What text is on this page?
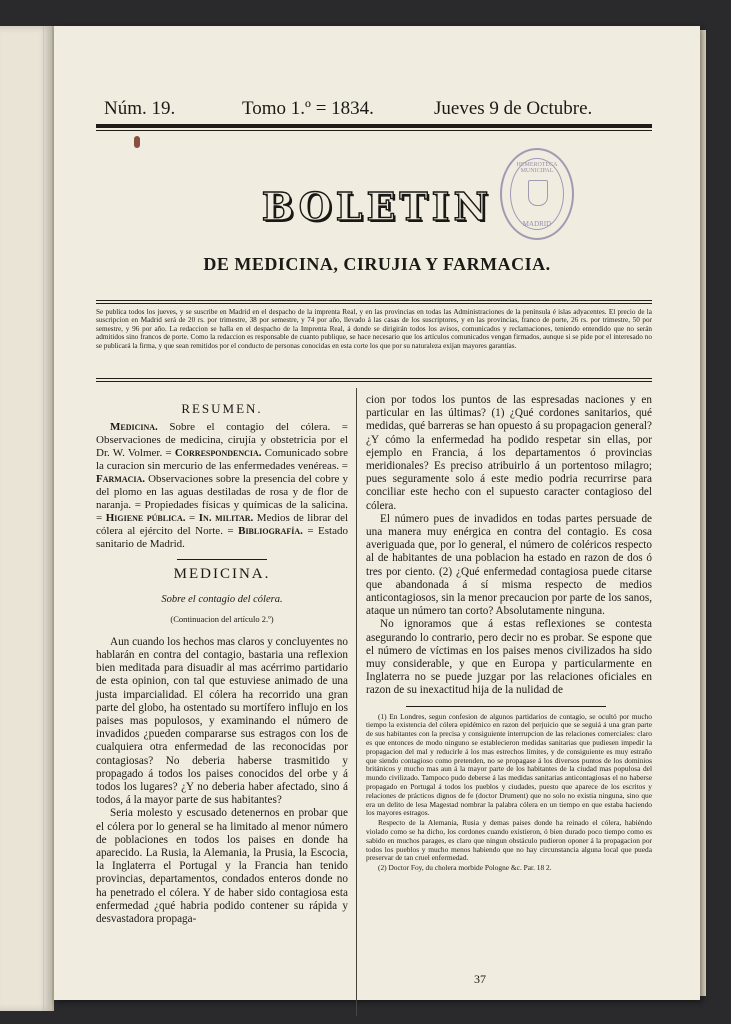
Núm. 19.	Tomo 1.º = 1834.	Jueves 9 de Octubre.
HEMEROTECA MUNICIPAL
MADRID
BOLETIN
DE MEDICINA, CIRUJIA Y FARMACIA.
Se publica todos los jueves, y se suscribe en Madrid en el despacho de la imprenta Real, y en las provincias en todas las Administraciones de la península é islas adyacentes. El precio de la suscripcion en Madrid será de 20 rs. por trimestre, 38 por semestre, y 74 por año, llevado á las casas de los suscriptores, y en las provincias, franco de porte, 26 rs. por trimestre, 50 por semestre, y 96 por año. La redaccion se halla en el despacho de la Imprenta Real, á donde se dirigirán todos los avisos, comunicados y reclamaciones, teniendo entendido que no serán admitidos sino francos de porte. Como la redaccion es responsable de cuanto publique, se hace necesario que los artículos comunicados vengan firmados, aunque si se pide por el interesado no se publicará la firma, y que sean remitidos por el conducto de personas conocidas en esta corte los que por su naturaleza exijan mayores garantías.
RESUMEN.

Medicina. Sobre el contagio del cólera. = Observaciones de medicina, cirujía y obstetricia por el Dr. W. Volmer. = Correspondencia. Comunicado sobre la curacion sin mercurio de las enfermedades venéreas. = Farmacia. Observaciones sobre la presencia del cobre y del plomo en las aguas destiladas de rosa y de flor de naranja. = Propiedades físicas y químicas de la salicina. = Higiene pública. = In. militar. Medios de librar del cólera al ejército del Norte. = Bibliografía. = Estado sanitario de Madrid.

MEDICINA.
Sobre el contagio del cólera.
(Continuacion del artículo 2.º)

Aun cuando los hechos mas claros y concluyentes no hablarán en contra del contagio, bastaria una reflexion bien meditada para disuadir al mas acérrimo partidario de esta opinion, con tal que estuviese animado de una justa imparcialidad. El cólera ha recorrido una gran parte del globo, ha ostentado su mortífero influjo en los paises mas populosos, y examinando el número de invadidos ¿pueden compararse sus estragos con los de cualquiera otra enfermedad de las reconocidas por contagiosas? No deberia haberse trasmitido y propagado á todos los paises conocidos del orbe y á todos los lugares? ¿Y no deberia haber afectado, sino á todos, á la mayor parte de sus habitantes?

Seria molesto y escusado detenernos en probar que el cólera por lo general se ha limitado al menor número de poblaciones en todos los paises en donde ha aparecido. La Rusia, la Alemania, la Prusia, la Escocia, la Inglaterra el Portugal y la Francia han tenido provincias, departamentos, condados enteros donde no ha penetrado el cólera. Y de haber sido contagiosa esta enfermedad ¿qué habria podido contener su rápida y desvastadora propaga-

cion por todos los puntos de las espresadas naciones y en particular en las últimas? (1) ¿Qué cordones sanitarios, qué medidas, qué barreras se han opuesto á su propagacion general? ¿Y cómo la enfermedad ha podido respetar sin ellas, por ejemplo en Francia, á los departamentos ó provincias meridionales? Es preciso atribuirlo á un portentoso milagro; pues seguramente solo á este medio podria recurrirse para conciliar este hecho con el supuesto caracter contagioso del cólera.

El número pues de invadidos en todas partes persuade de una manera muy enérgica en contra del contagio. Es cosa averiguada que, por lo general, el número de coléricos respecto al de habitantes de una poblacion ha estado en razon de dos ó tres por ciento. (2) ¿Qué enfermedad contagiosa puede citarse que abandonada á sí misma respecto de medios anticontagiosos, sin la menor precaucion por parte de los sanos, ataque un número tan corto? Absolutamente ninguna.

No ignoramos que á estas reflexiones se contesta asegurando lo contrario, pero decir no es probar. Se espone que el número de víctimas en los paises menos civilizados ha sido muy considerable, y que en Europa y particularmente en Inglaterra no se puede juzgar por las relaciones oficiales en razon de su inexactitud hija de la nulidad de

(1) En Londres, segun confesion de algunos partidarios de contagio, se ocultó por mucho tiempo la existencia del cólera epidémico en razon del perjuicio que se seguiá á una gran parte de sus habitantes con la precisa y consiguiente interrupcion de las relaciones comerciales: claro es que entonces de modo ninguno se establecieron medidas sanitarias que pudiesen impedir la propagacion del mal y reducirle á los mas estrechos límites, y de consiguiente es muy estraño que siendo contagioso como pretenden, no se propagase á los diversos puntos de los dominios británicos y mucho mas aun á la mayor parte de los habitantes de la ciudad mas populosa del mundo civilizado. Tampoco pudo deberse á las medidas sanitarias anticontagiosas el no haberse propagado en Portugal á todos los pueblos y ciudades, puesto que aparece de los escritos y relaciones de prácticos dignos de fe (doctor Drument) que no solo no existia ninguna, sino que era un delito de lesa Magestad nombrar la palabra cólera en un tiempo en que estaba haciendo los mayores estragos.

Respecto de la Alemania, Rusia y demas paises donde ha reinado el cólera, habiéndo violado como se ha dicho, los cordones cuando existieron, ó bien durado poco tiempo como es sabido en muchos parages, es claro que ningun obstáculo pudieron oponer á la propagacion por todos los pueblos y mucho menos habiendo que no hay circunstancia alguna local que pueda preservar de tan cruel enfermedad.

(2) Doctor Foy, du cholera morbide Pologne &c. Par. 18 2.

37
